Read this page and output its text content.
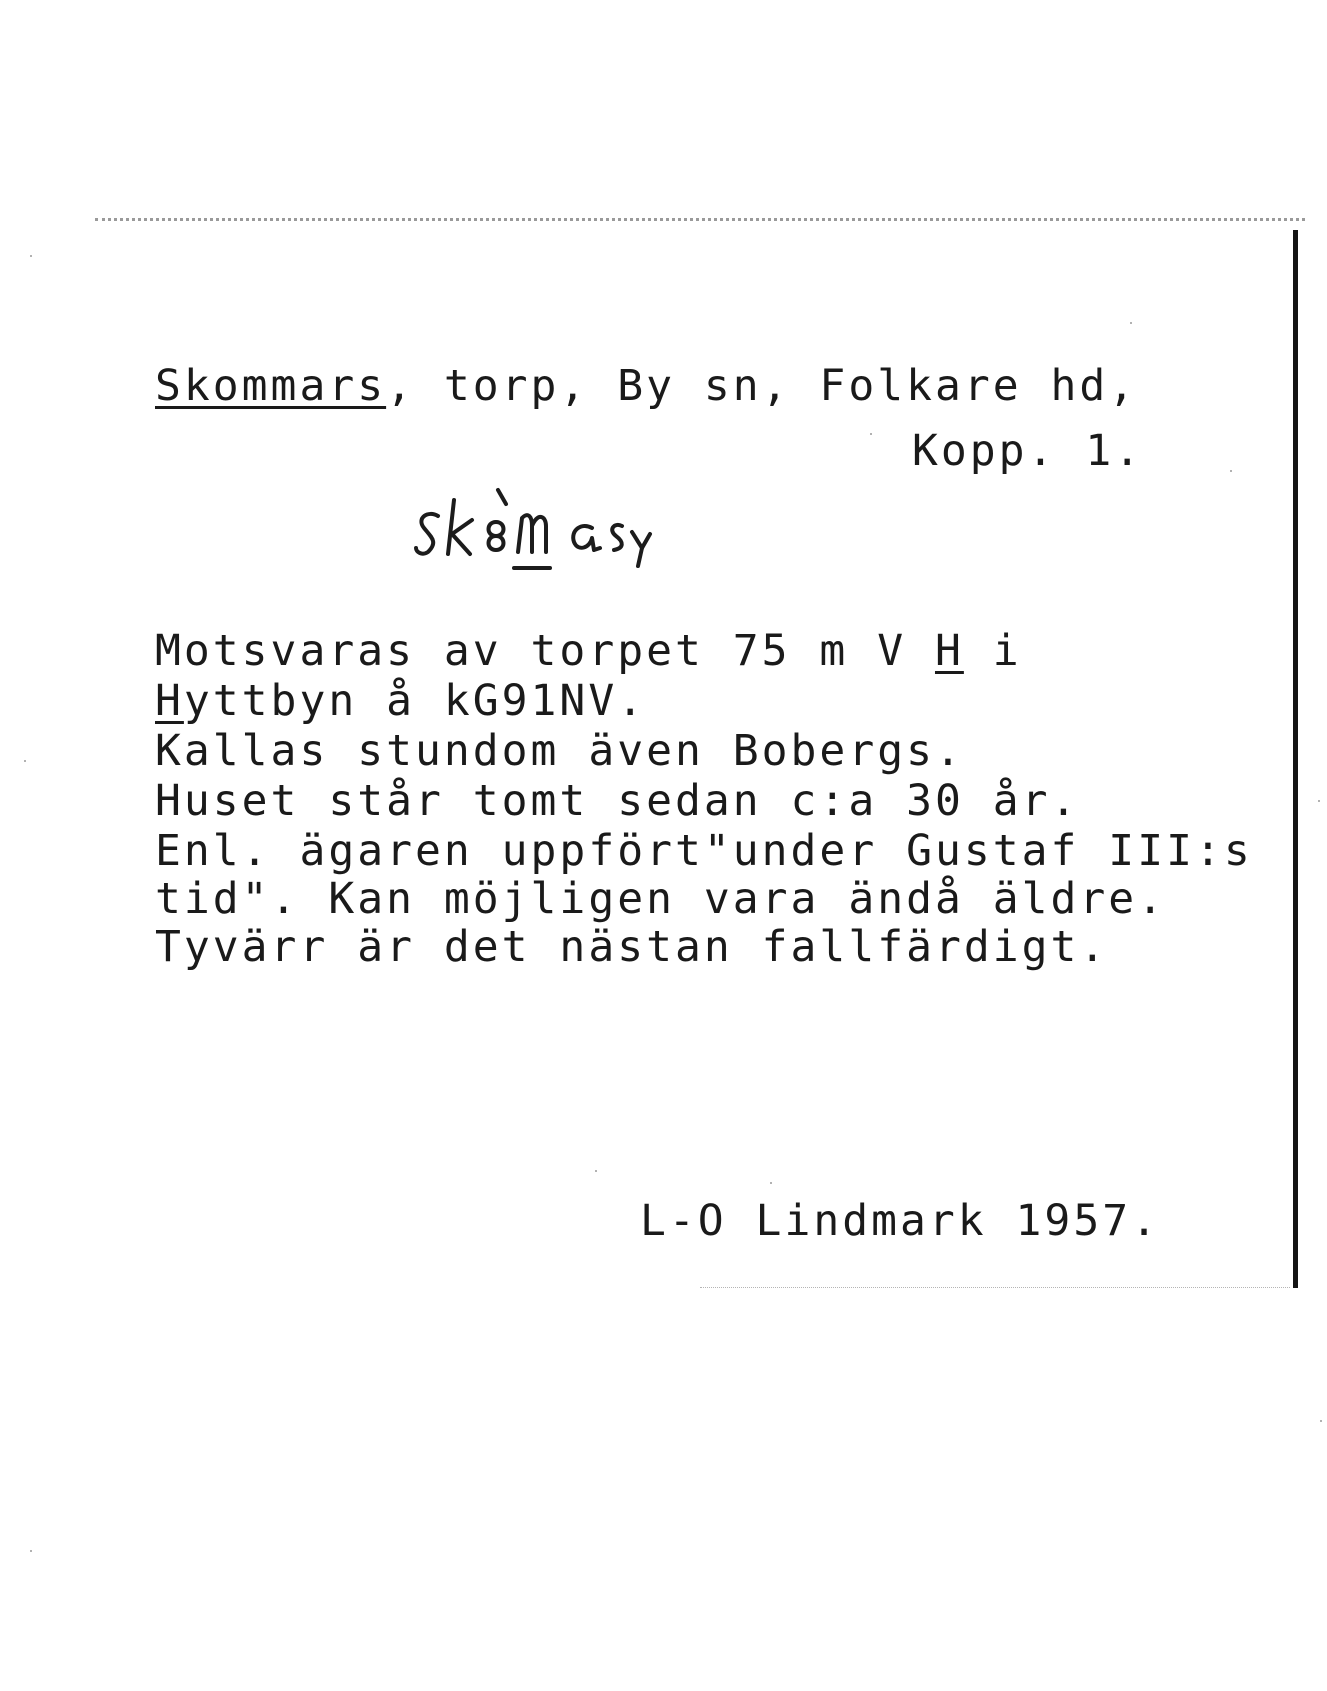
Skommars, torp, By sn, Folkare hd,

Kopp. 1.

Motsvaras av torpet 75 m V H i

Hyttbyn å kG91NV.

Kallas stundom även Bobergs.

Huset står tomt sedan c:a 30 år.

Enl. ägaren uppfört"under Gustaf III:s

tid". Kan möjligen vara ändå äldre.

Tyvärr är det nästan fallfärdigt.

L-O Lindmark 1957.
